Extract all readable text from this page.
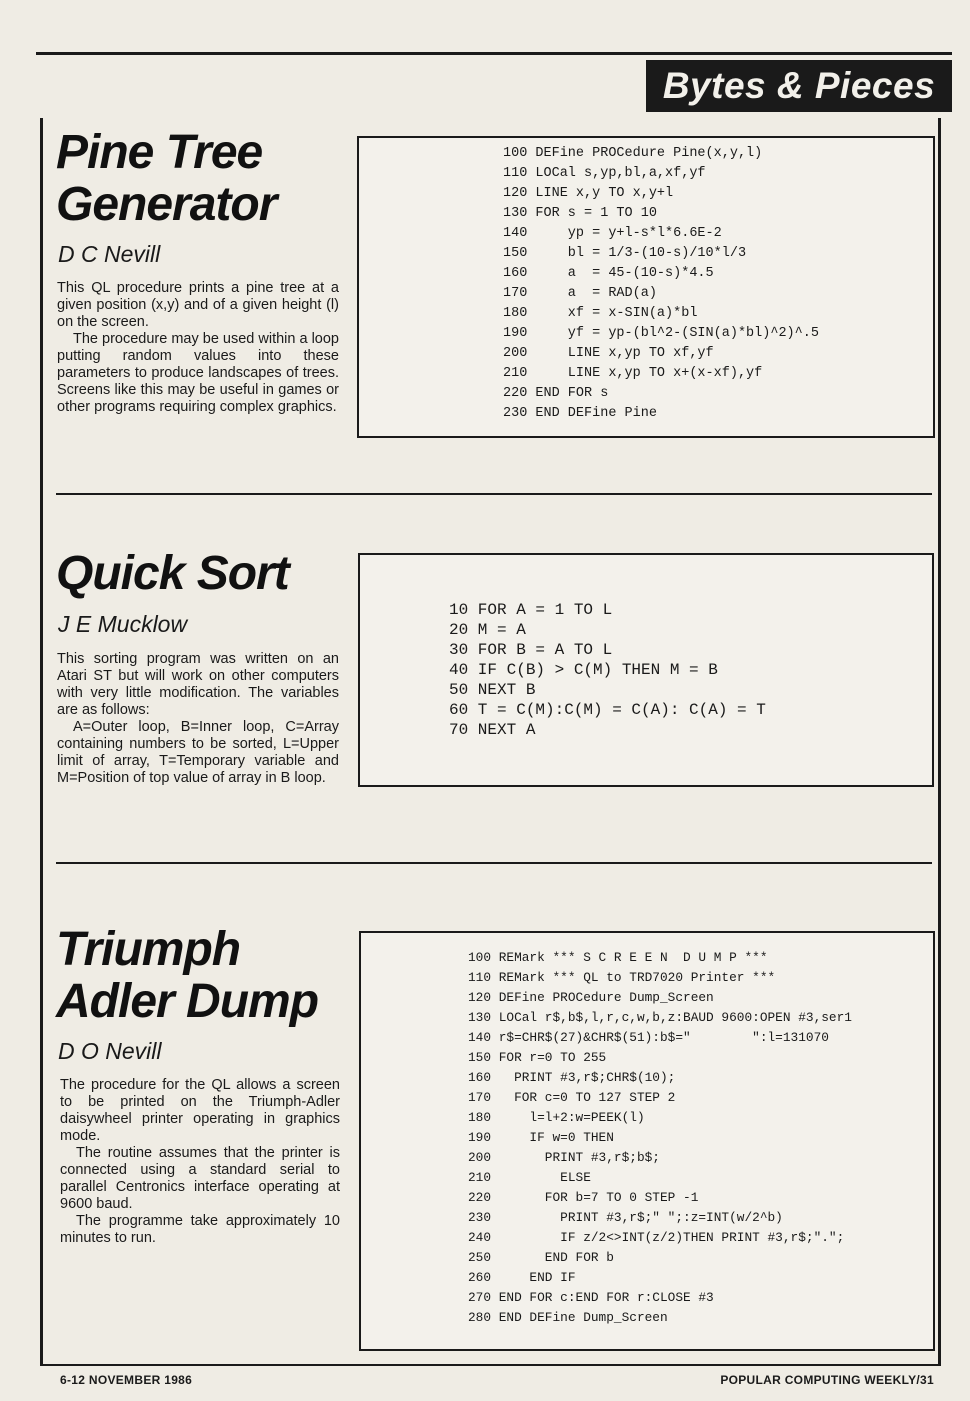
Bytes & Pieces
Pine Tree
Generator
D C Nevill

This QL procedure prints a pine tree at a given position (x,y) and of a given height (l) on the screen.

The procedure may be used within a loop putting random values into these parameters to produce landscapes of trees. Screens like this may be useful in games or other programs requiring complex graphics.

100 DEFine PROCedure Pine(x,y,l)
110 LOCal s,yp,bl,a,xf,yf
120 LINE x,y TO x,y+l
130 FOR s = 1 TO 10
140     yp = y+l-s*l*6.6E-2
150     bl = 1/3-(10-s)/10*l/3
160     a  = 45-(10-s)*4.5
170     a  = RAD(a)
180     xf = x-SIN(a)*bl
190     yf = yp-(bl^2-(SIN(a)*bl)^2)^.5
200     LINE x,yp TO xf,yf
210     LINE x,yp TO x+(x-xf),yf
220 END FOR s
230 END DEFine Pine
Quick Sort
J E Mucklow

This sorting program was written on an Atari ST but will work on other computers with very little modification. The variables are as follows:

A=Outer loop, B=Inner loop, C=Array containing numbers to be sorted, L=Upper limit of array, T=Temporary variable and M=Position of top value of array in B loop.

10 FOR A = 1 TO L
20 M = A
30 FOR B = A TO L
40 IF C(B) > C(M) THEN M = B
50 NEXT B
60 T = C(M):C(M) = C(A): C(A) = T
70 NEXT A
Triumph
Adler Dump
D O Nevill

The procedure for the QL allows a screen to be printed on the Triumph-Adler daisywheel printer operating in graphics mode.

The routine assumes that the printer is connected using a standard serial to parallel Centronics interface operating at 9600 baud.

The programme take approximately 10 minutes to run.

100 REMark *** S C R E E N  D U M P ***
110 REMark *** QL to TRD7020 Printer ***
120 DEFine PROCedure Dump_Screen
130 LOCal r$,b$,l,r,c,w,b,z:BAUD 9600:OPEN #3,ser1
140 r$=CHR$(27)&CHR$(51):b$="        ":l=131070
150 FOR r=0 TO 255
160   PRINT #3,r$;CHR$(10);
170   FOR c=0 TO 127 STEP 2
180     l=l+2:w=PEEK(l)
190     IF w=0 THEN
200       PRINT #3,r$;b$;
210         ELSE
220       FOR b=7 TO 0 STEP -1
230         PRINT #3,r$;" ";:z=INT(w/2^b)
240         IF z/2<>INT(z/2)THEN PRINT #3,r$;".";
250       END FOR b
260     END IF
270 END FOR c:END FOR r:CLOSE #3
280 END DEFine Dump_Screen
6-12 NOVEMBER 1986	POPULAR COMPUTING WEEKLY/31
